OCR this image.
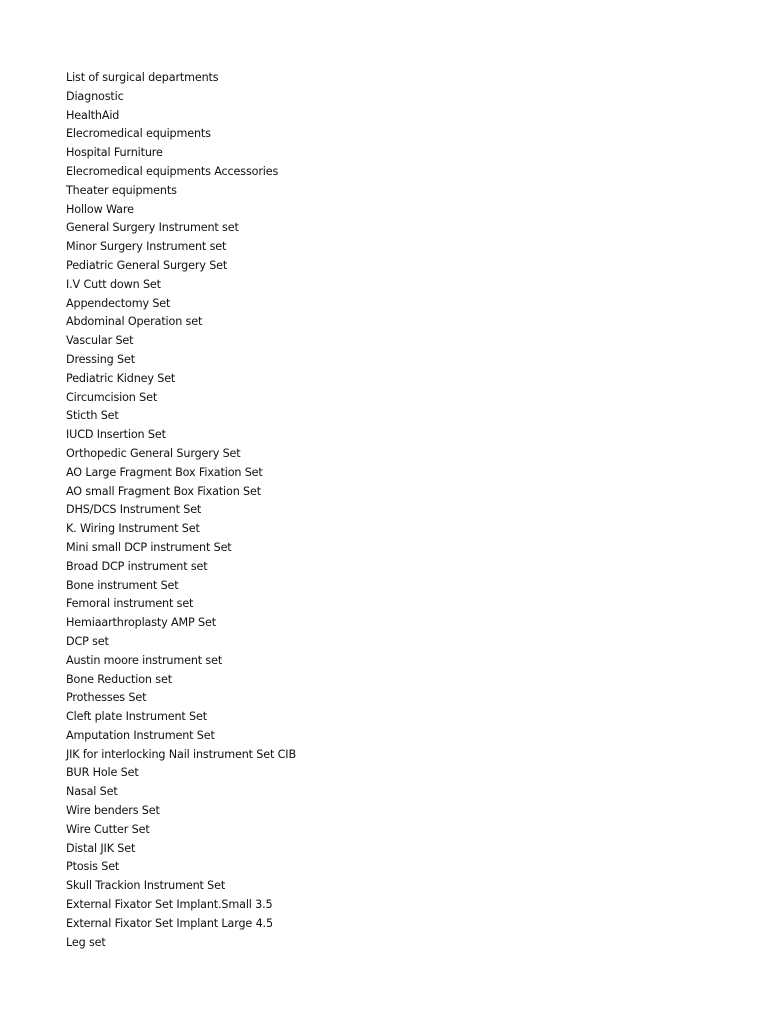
List of surgical departments
Diagnostic
HealthAid
Elecromedical equipments
Hospital Furniture
Elecromedical equipments Accessories
Theater equipments
Hollow Ware
General Surgery Instrument set
Minor Surgery Instrument set
Pediatric General Surgery Set
I.V Cutt down Set
Appendectomy Set
Abdominal Operation set
Vascular Set
Dressing Set
Pediatric Kidney Set
Circumcision Set
Sticth Set
IUCD Insertion Set
Orthopedic General Surgery Set
AO Large Fragment Box Fixation Set
AO small Fragment Box Fixation Set
DHS/DCS Instrument Set
K. Wiring Instrument Set
Mini small DCP instrument Set
Broad DCP instrument set
Bone instrument Set
Femoral instrument set
Hemiaarthroplasty AMP Set
DCP set
Austin moore instrument set
Bone Reduction set
Prothesses Set
Cleft plate Instrument Set
Amputation Instrument Set
JIK for interlocking Nail instrument Set CIB
BUR Hole Set
Nasal Set
Wire benders Set
Wire Cutter Set
Distal JIK Set
Ptosis Set
Skull Trackion Instrument Set
External Fixator Set Implant.Small 3.5
External Fixator Set Implant Large 4.5
Leg set
